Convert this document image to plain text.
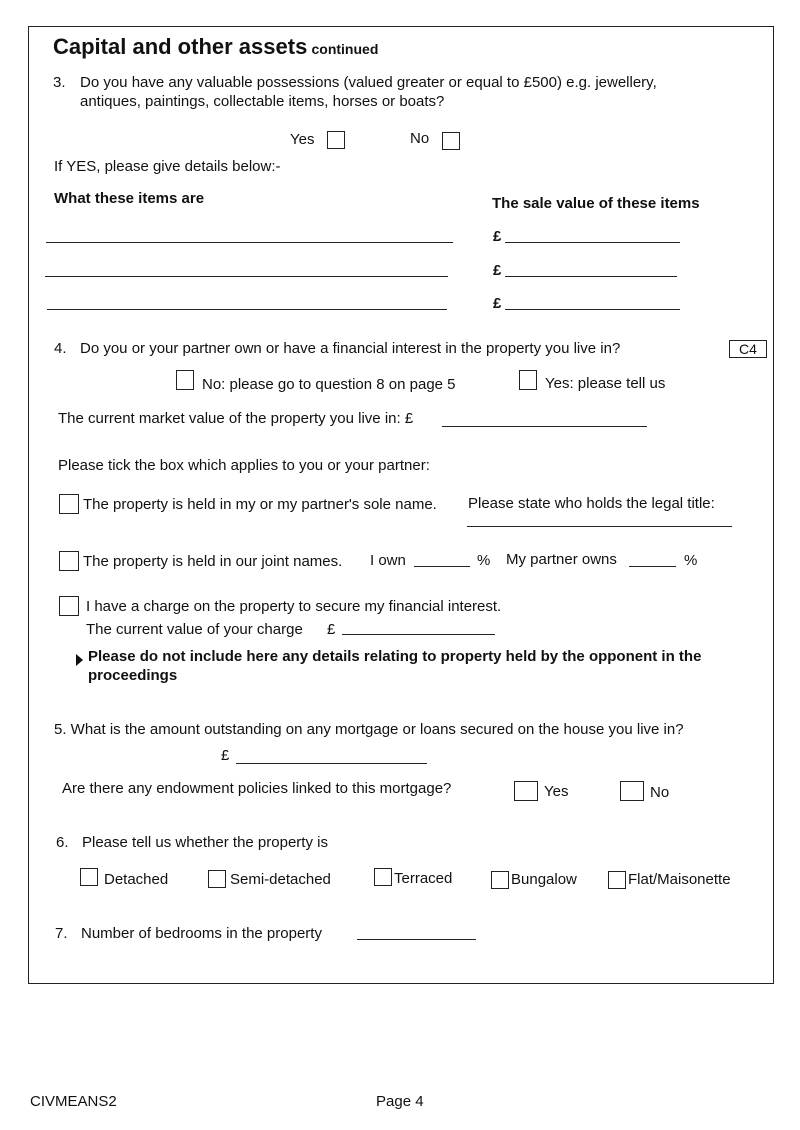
Capital and other assets continued
3. Do you have any valuable possessions (valued greater or equal to £500) e.g. jewellery,
antiques, paintings, collectable items, horses or boats?
Yes	No
If YES, please give details below:-
What these items are	The sale value of these items
£
£
£
4. Do you or your partner own or have a financial interest in the property you live in?	C4
No: please go to question 8 on page 5	Yes: please tell us
The current market value of the property you live in: £
Please tick the box which applies to you or your partner:
The property is held in my or my partner's sole name. Please state who holds the legal title:
The property is held in our joint names. I own	% My partner owns	%
I have a charge on the property to secure my financial interest.
The current value of your charge £
Please do not include here any details relating to property held by the opponent in the
proceedings
5. What is the amount outstanding on any mortgage or loans secured on the house you live in?
£
Are there any endowment policies linked to this mortgage?	Yes	No
6. Please tell us whether the property is
Detached	Semi-detached	Terraced	Bungalow	Flat/Maisonette
7. Number of bedrooms in the property
CIVMEANS2	Page 4
